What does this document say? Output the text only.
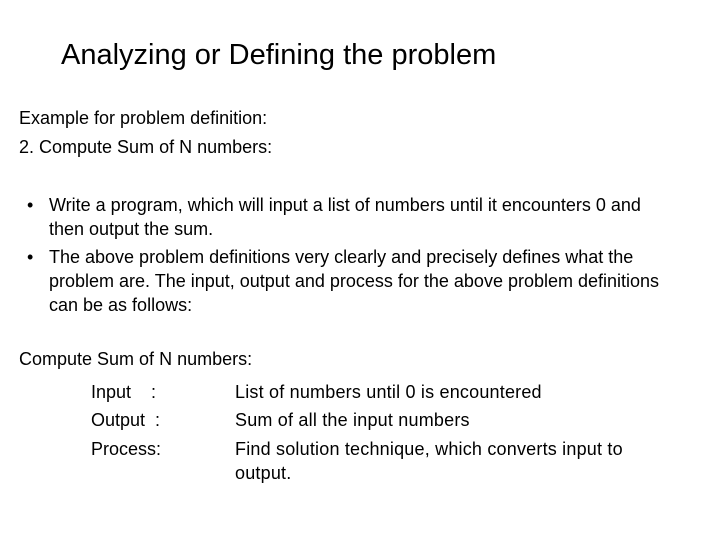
Analyzing or Defining the problem
Example for problem definition:
2. Compute Sum of N numbers:
• Write a program, which will input a list of numbers until it encounters 0 and then output the sum.
• The above problem definitions very clearly and precisely defines what the problem are. The input, output and process for the above problem definitions can be as follows:
Compute Sum of N numbers:
Input    :	List of numbers until 0 is encountered
Output  :	Sum of all the input numbers
Process:	Find solution technique, which converts input to output.
